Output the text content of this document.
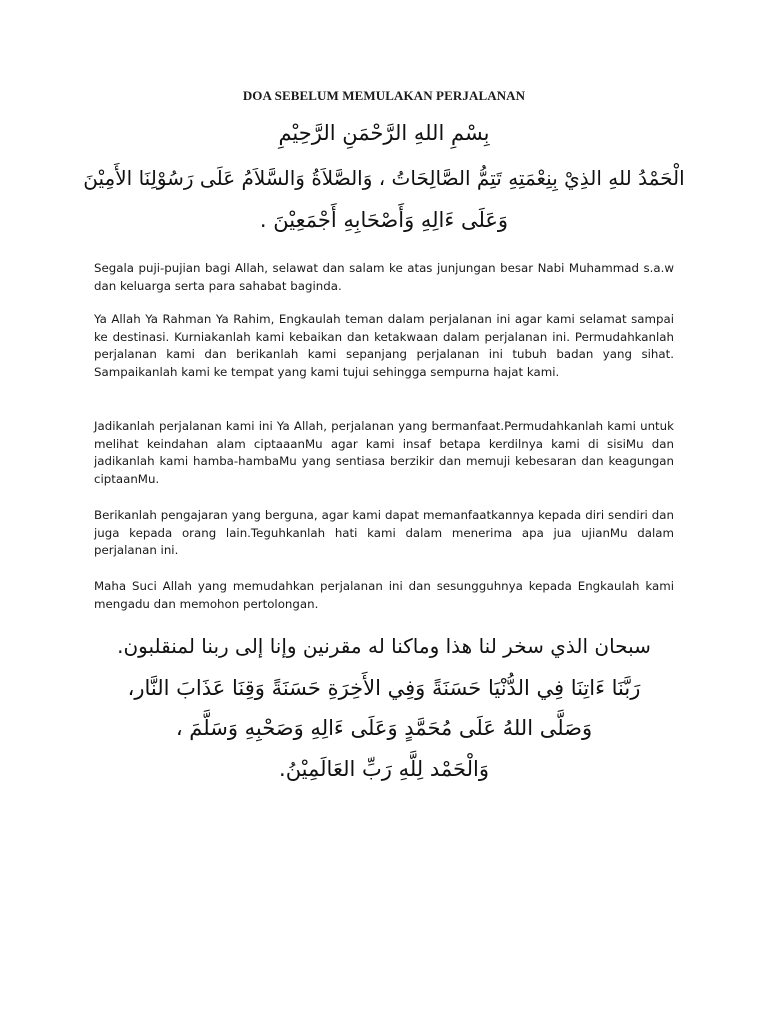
DOA SEBELUM MEMULAKAN PERJALANAN
بِسْمِ اللهِ الرَّحْمَنِ الرَّحِيْمِ
الْحَمْدُ للهِ الذِيْ بِنِعْمَتِهِ تَتِمُّ الصَّالِحَاتُ ، وَالصَّلاَةُ وَالسَّلاَمُ عَلَى رَسُوْلِنَا الأَمِيْنَ
وَعَلَى ءَالِهِ وَأَصْحَابِهِ أَجْمَعِيْنَ .
Segala puji-pujian bagi Allah, selawat dan salam ke atas junjungan besar Nabi Muhammad s.a.w dan keluarga serta para sahabat baginda.
Ya Allah Ya Rahman Ya Rahim, Engkaulah teman dalam perjalanan ini agar kami selamat sampai ke destinasi. Kurniakanlah kami kebaikan dan ketakwaan dalam perjalanan ini. Permudahkanlah perjalanan kami dan berikanlah kami sepanjang perjalanan ini tubuh badan yang sihat. Sampaikanlah kami ke tempat yang kami tujui sehingga sempurna hajat kami.
Jadikanlah perjalanan kami ini Ya Allah, perjalanan yang bermanfaat.Permudahkanlah kami untuk melihat keindahan alam ciptaaanMu agar kami insaf betapa kerdilnya kami di sisiMu dan jadikanlah kami hamba-hambaMu yang sentiasa berzikir dan memuji kebesaran dan keagungan ciptaanMu.
Berikanlah pengajaran yang berguna, agar kami dapat memanfaatkannya kepada diri sendiri dan juga kepada orang lain.Teguhkanlah hati kami dalam menerima apa jua ujianMu dalam perjalanan ini.
Maha Suci Allah yang memudahkan perjalanan ini dan sesungguhnya kepada Engkaulah kami mengadu dan memohon pertolongan.
سبحان الذي سخر لنا هذا وماكنا له مقرنين وإنا إلى ربنا لمنقلبون.
رَبَّنَا ءَاتِنَا فِي الدُّنْيَا حَسَنَةً وَفِي الأَخِرَةِ حَسَنَةً وَقِنَا عَذَابَ النَّار،
وَصَلَّى اللهُ عَلَى مُحَمَّدٍ وَعَلَى ءَالِهِ وَصَحْبِهِ وَسَلَّمَ ،
وَالْحَمْد لِلَّهِ رَبِّ العَالَمِيْنُ.
